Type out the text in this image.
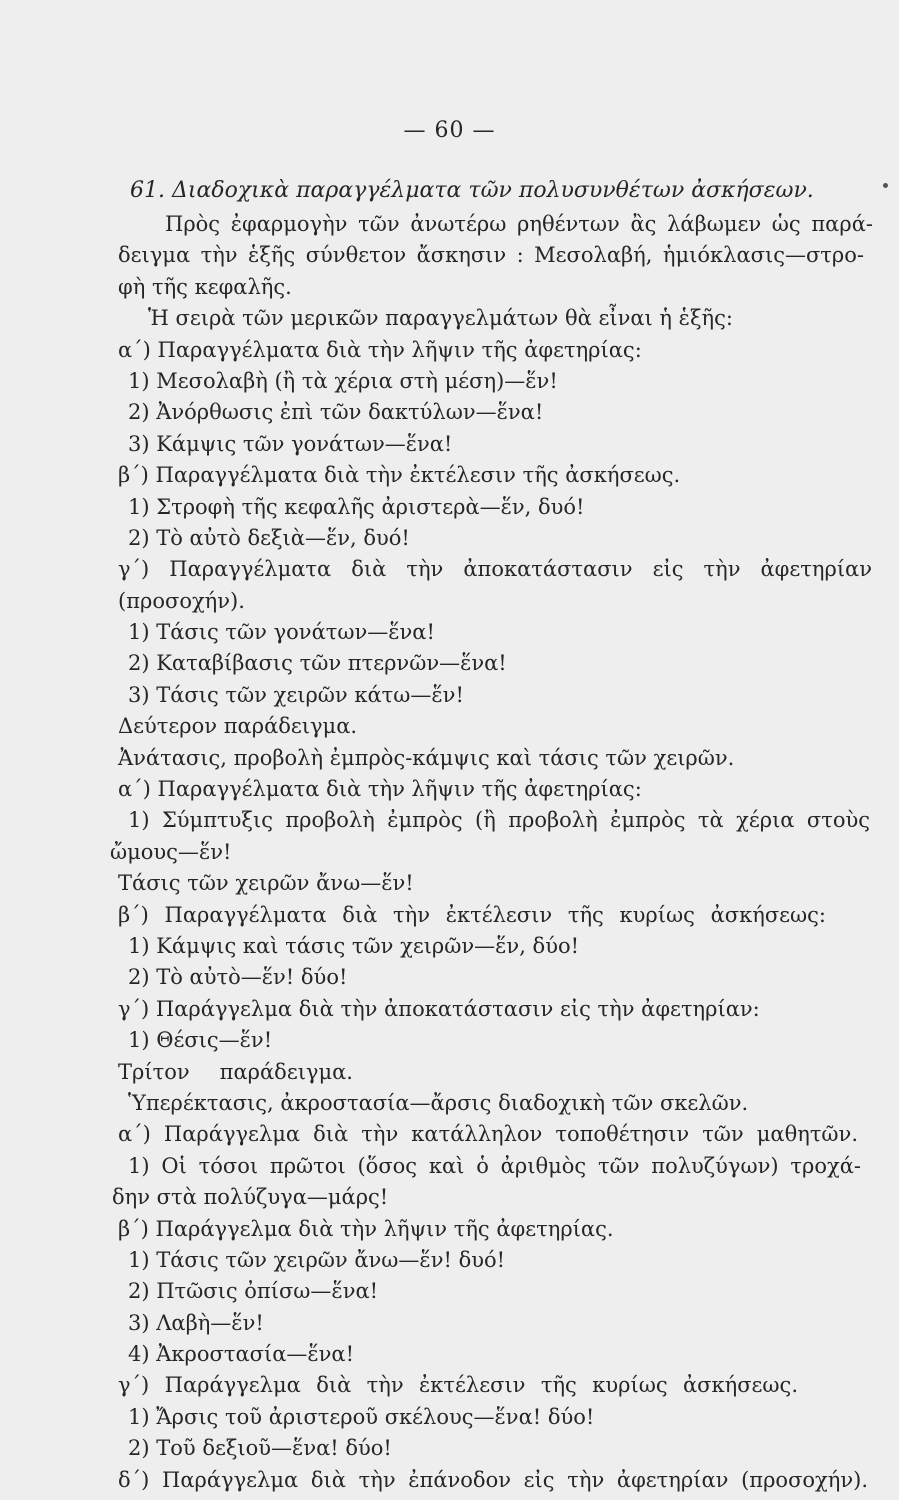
— 60 —
61. Διαδοχικὰ παραγγέλματα τῶν πολυσυνθέτων ἀσκήσεων.
Πρὸς ἐφαρμογὴν τῶν ἀνωτέρω ρηθέντων ἂς λάβωμεν ὡς παρά-
δειγμα τὴν ἑξῆς σύνθετον ἄσκησιν : Μεσολαβή, ἡμιόκλασις—στρο-
φὴ τῆς κεφαλῆς.
Ἡ σειρὰ τῶν μερικῶν παραγγελμάτων θὰ εἶναι ἡ ἑξῆς:
α΄) Παραγγέλματα διὰ τὴν λῆψιν τῆς ἀφετηρίας:
1) Μεσολαβὴ (ἢ τὰ χέρια στὴ μέση)—ἕν!
2) Ἀνόρθωσις ἐπὶ τῶν δακτύλων—ἕνα!
3) Κάμψις τῶν γονάτων—ἕνα!
β΄) Παραγγέλματα διὰ τὴν ἐκτέλεσιν τῆς ἀσκήσεως.
1) Στροφὴ τῆς κεφαλῆς ἀριστερὰ—ἕν, δυό!
2) Τὸ αὐτὸ δεξιὰ—ἕν, δυό!
γ΄) Παραγγέλματα διὰ τὴν ἀποκατάστασιν εἰς τὴν ἀφετηρίαν
(προσοχήν).
1) Τάσις τῶν γονάτων—ἕνα!
2) Καταβίβασις τῶν πτερνῶν—ἕνα!
3) Τάσις τῶν χειρῶν κάτω—ἕν!
Δεύτερον παράδειγμα.
Ἀνάτασις, προβολὴ ἐμπρὸς-κάμψις καὶ τάσις τῶν χειρῶν.
α΄) Παραγγέλματα διὰ τὴν λῆψιν τῆς ἀφετηρίας:
1) Σύμπτυξις προβολὴ ἐμπρὸς (ἢ προβολὴ ἐμπρὸς τὰ χέρια στοὺς
ὤμους—ἕν!
Τάσις τῶν χειρῶν ἄνω—ἕν!
β΄) Παραγγέλματα διὰ τὴν ἐκτέλεσιν τῆς κυρίως ἀσκήσεως:
1) Κάμψις καὶ τάσις τῶν χειρῶν—ἕν, δύο!
2) Τὸ αὐτὸ—ἕν! δύο!
γ΄) Παράγγελμα διὰ τὴν ἀποκατάστασιν εἰς τὴν ἀφετηρίαν:
1) Θέσις—ἕν!
Τρίτον παράδειγμα.
Ὑπερέκτασις, ἀκροστασία—ἄρσις διαδοχικὴ τῶν σκελῶν.
α΄) Παράγγελμα διὰ τὴν κατάλληλον τοποθέτησιν τῶν μαθητῶν.
1) Οἱ τόσοι πρῶτοι (ὅσος καὶ ὁ ἀριθμὸς τῶν πολυζύγων) τροχά-
δην στὰ πολύζυγα—μάρς!
β΄) Παράγγελμα διὰ τὴν λῆψιν τῆς ἀφετηρίας.
1) Τάσις τῶν χειρῶν ἄνω—ἕν! δυό!
2) Πτῶσις ὀπίσω—ἕνα!
3) Λαβὴ—ἕν!
4) Ἀκροστασία—ἕνα!
γ΄) Παράγγελμα διὰ τὴν ἐκτέλεσιν τῆς κυρίως ἀσκήσεως.
1) Ἄρσις τοῦ ἀριστεροῦ σκέλους—ἕνα! δύο!
2) Τοῦ δεξιοῦ—ἕνα! δύο!
δ΄) Παράγγελμα διὰ τὴν ἐπάνοδον εἰς τὴν ἀφετηρίαν (προσοχήν).
